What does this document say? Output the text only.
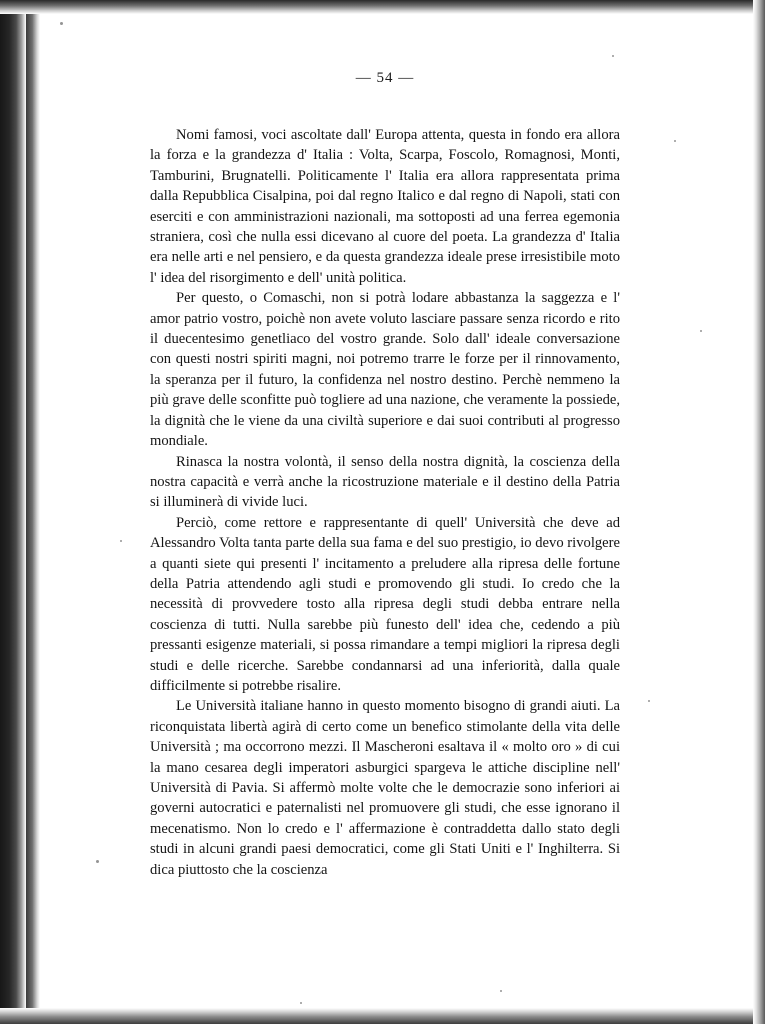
— 54 —

Nomi famosi, voci ascoltate dall' Europa attenta, questa in fondo era allora la forza e la grandezza d' Italia : Volta, Scarpa, Foscolo, Romagnosi, Monti, Tamburini, Brugnatelli. Politicamente l' Italia era allora rappresentata prima dalla Repubblica Cisalpina, poi dal regno Italico e dal regno di Napoli, stati con eserciti e con amministrazioni nazionali, ma sottoposti ad una ferrea egemonia straniera, così che nulla essi dicevano al cuore del poeta. La grandezza d' Italia era nelle arti e nel pensiero, e da questa grandezza ideale prese irresistibile moto l' idea del risorgimento e dell' unità politica.

Per questo, o Comaschi, non si potrà lodare abbastanza la saggezza e l' amor patrio vostro, poichè non avete voluto lasciare passare senza ricordo e rito il duecentesimo genetliaco del vostro grande. Solo dall' ideale conversazione con questi nostri spiriti magni, noi potremo trarre le forze per il rinnovamento, la speranza per il futuro, la confidenza nel nostro destino. Perchè nemmeno la più grave delle sconfitte può togliere ad una nazione, che veramente la possiede, la dignità che le viene da una civiltà superiore e dai suoi contributi al progresso mondiale.

Rinasca la nostra volontà, il senso della nostra dignità, la coscienza della nostra capacità e verrà anche la ricostruzione materiale e il destino della Patria si illuminerà di vivide luci.

Perciò, come rettore e rappresentante di quell' Università che deve ad Alessandro Volta tanta parte della sua fama e del suo prestigio, io devo rivolgere a quanti siete qui presenti l' incitamento a preludere alla ripresa delle fortune della Patria attendendo agli studi e promovendo gli studi. Io credo che la necessità di provvedere tosto alla ripresa degli studi debba entrare nella coscienza di tutti. Nulla sarebbe più funesto dell' idea che, cedendo a più pressanti esigenze materiali, si possa rimandare a tempi migliori la ripresa degli studi e delle ricerche. Sarebbe condannarsi ad una inferiorità, dalla quale difficilmente si potrebbe risalire.

Le Università italiane hanno in questo momento bisogno di grandi aiuti. La riconquistata libertà agirà di certo come un benefico stimolante della vita delle Università ; ma occorrono mezzi. Il Mascheroni esaltava il « molto oro » di cui la mano cesarea degli imperatori asburgici spargeva le attiche discipline nell' Università di Pavia. Si affermò molte volte che le democrazie sono inferiori ai governi autocratici e paternalisti nel promuovere gli studi, che esse ignorano il mecenatismo. Non lo credo e l' affermazione è contraddetta dallo stato degli studi in alcuni grandi paesi democratici, come gli Stati Uniti e l' Inghilterra. Si dica piuttosto che la coscienza
